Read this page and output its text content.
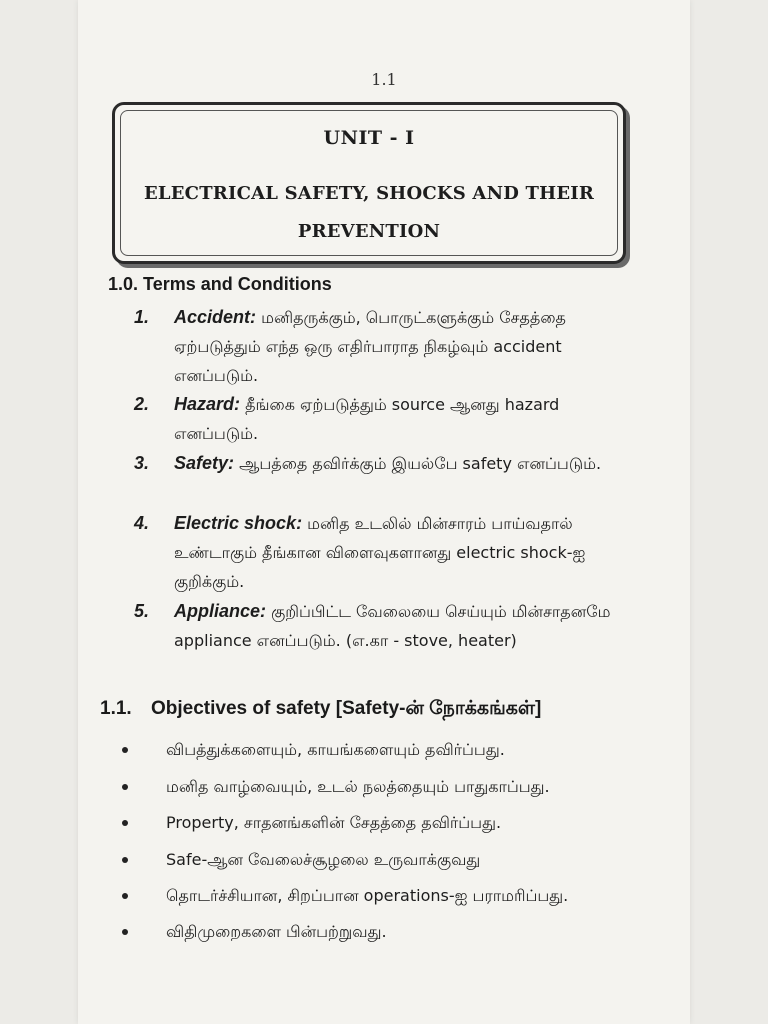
1.1
UNIT - I
ELECTRICAL SAFETY, SHOCKS AND THEIR PREVENTION
1.0. Terms and Conditions
1. Accident: மனிதருக்கும், பொருட்களுக்கும் சேதத்தை ஏற்படுத்தும் எந்த ஒரு எதிர்பாராத நிகழ்வும் accident எனப்படும்.
2. Hazard: தீங்கை ஏற்படுத்தும் source ஆனது hazard எனப்படும்.
3. Safety: ஆபத்தை தவிர்க்கும் இயல்பே safety எனப்படும்.
4. Electric shock: மனித உடலில் மின்சாரம் பாய்வதால் உண்டாகும் தீங்கான விளைவுகளானது electric shock-ஐ குறிக்கும்.
5. Appliance: குறிப்பிட்ட வேலையை செய்யும் மின்சாதனமே appliance எனப்படும். (எ.கா - stove, heater)
1.1. Objectives of safety [Safety-ன் நோக்கங்கள்]
விபத்துக்களையும், காயங்களையும் தவிர்ப்பது.
மனித வாழ்வையும், உடல் நலத்தையும் பாதுகாப்பது.
Property, சாதனங்களின் சேதத்தை தவிர்ப்பது.
Safe-ஆன வேலைச்சூழலை உருவாக்குவது
தொடர்ச்சியான, சிறப்பான operations-ஐ பராமரிப்பது.
விதிமுறைகளை பின்பற்றுவது.
